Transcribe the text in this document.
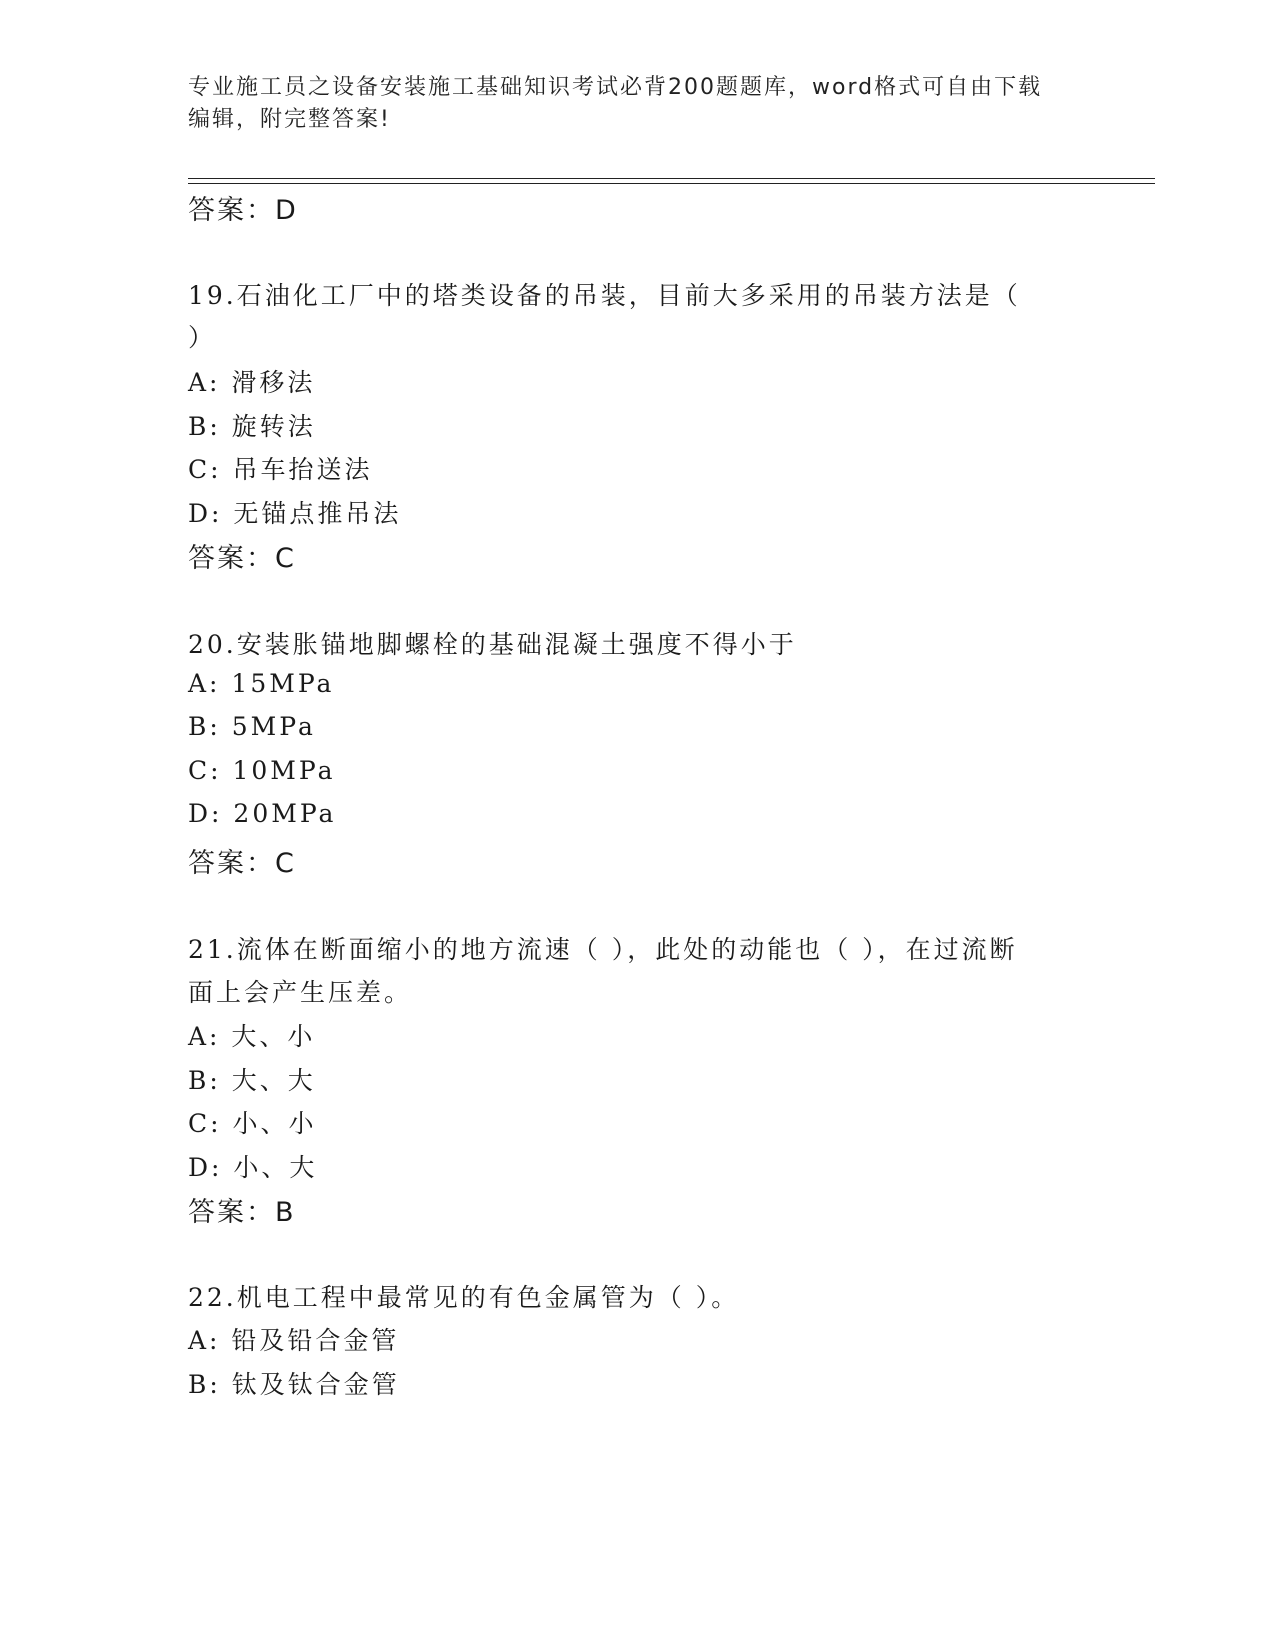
专业施工员之设备安装施工基础知识考试必背200题题库，word格式可自由下载
编辑，附完整答案!
答案：D
19.石油化工厂中的塔类设备的吊装，目前大多采用的吊装方法是（
）
A: 滑移法
B: 旋转法
C: 吊车抬送法
D: 无锚点推吊法
答案：C
20.安装胀锚地脚螺栓的基础混凝土强度不得小于
A: 15MPa
B: 5MPa
C: 10MPa
D: 20MPa
答案：C
21.流体在断面缩小的地方流速（ ），此处的动能也（ ），在过流断
面上会产生压差。
A: 大、小
B: 大、大
C: 小、小
D: 小、大
答案：B
22.机电工程中最常见的有色金属管为（ ）。
A: 铅及铅合金管
B: 钛及钛合金管
